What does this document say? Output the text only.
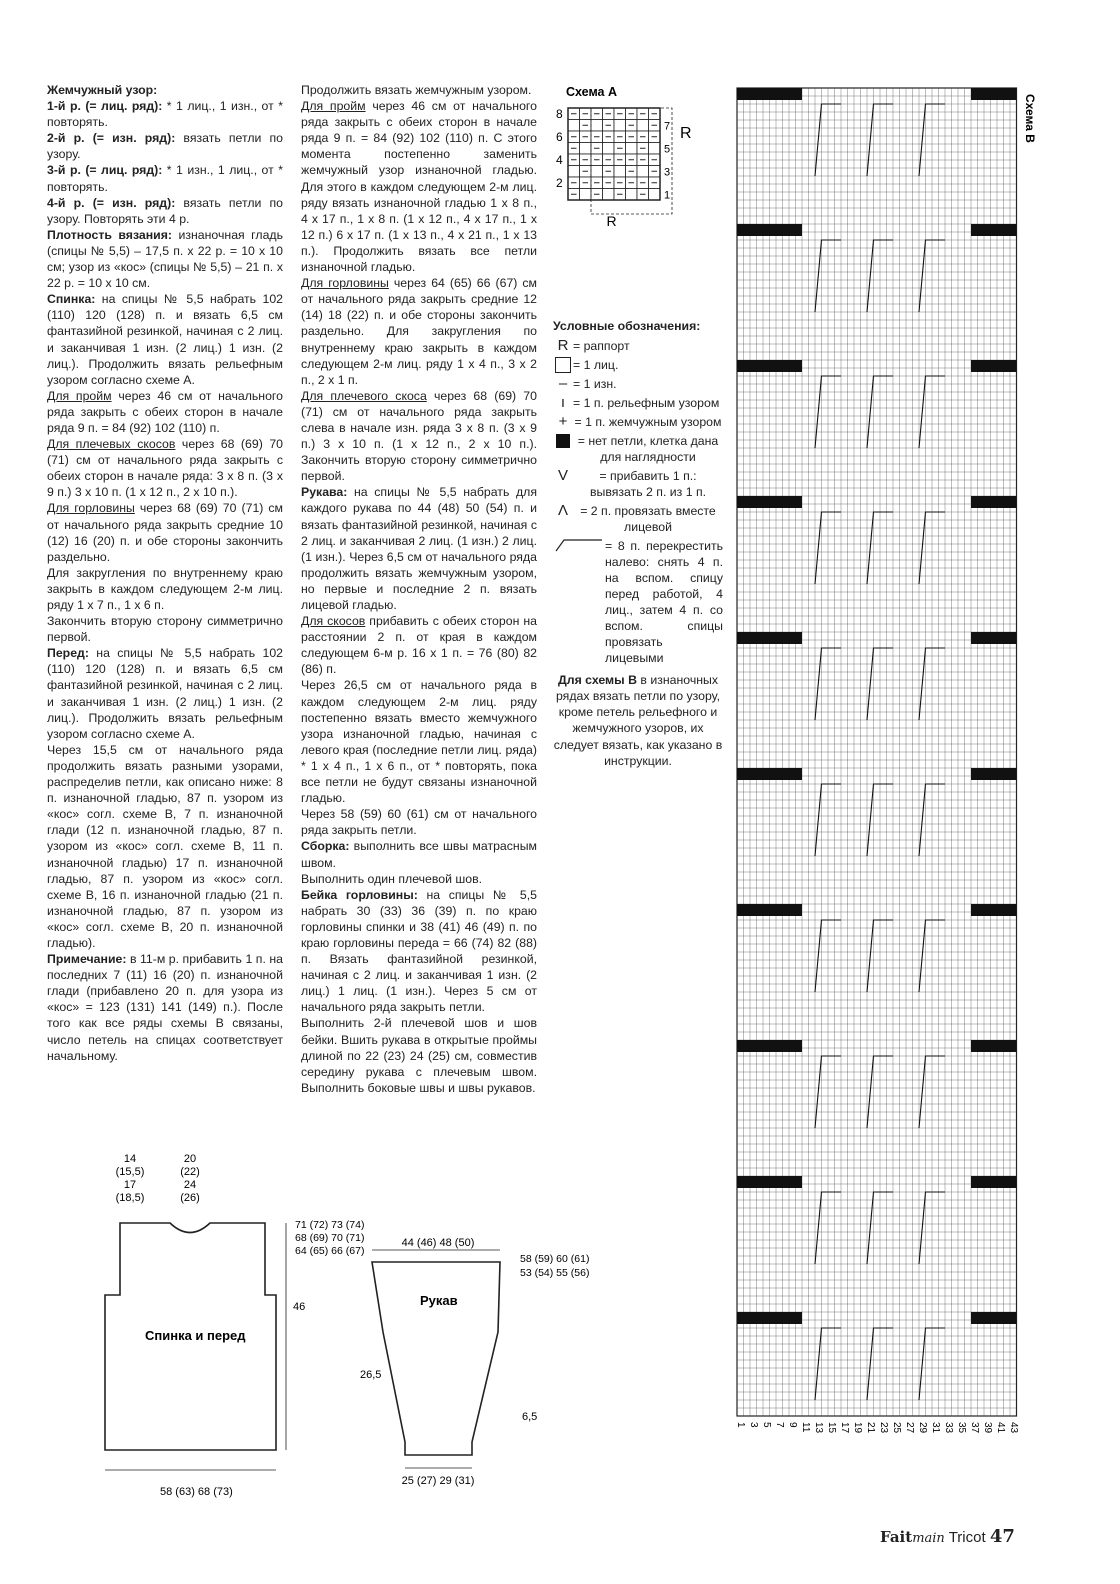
Жемчужный узор:

1-й р. (= лиц. ряд): * 1 лиц., 1 изн., от * повторять.

2-й р. (= изн. ряд): вязать петли по узору.

3-й р. (= лиц. ряд): * 1 изн., 1 лиц., от * повторять.

4-й р. (= изн. ряд): вязать петли по узору. Повторять эти 4 р.

Плотность вязания: изнаночная гладь (спицы № 5,5) – 17,5 п. х 22 р. = 10 х 10 см; узор из «кос» (спицы № 5,5) – 21 п. х 22 р. = 10 х 10 см.

Спинка: на спицы № 5,5 набрать 102 (110) 120 (128) п. и вязать 6,5 см фантазийной резинкой, начиная с 2 лиц. и заканчивая 1 изн. (2 лиц.) 1 изн. (2 лиц.). Продолжить вязать рельефным узором согласно схеме А.

Для пройм через 46 см от начального ряда закрыть с обеих сторон в начале ряда 9 п. = 84 (92) 102 (110) п.

Для плечевых скосов через 68 (69) 70 (71) см от начального ряда закрыть с обеих сторон в начале ряда: 3 х 8 п. (3 х 9 п.) 3 х 10 п. (1 х 12 п., 2 х 10 п.).

Для горловины через 68 (69) 70 (71) см от начального ряда закрыть средние 10 (12) 16 (20) п. и обе стороны закончить раздельно.

Для закругления по внутреннему краю закрыть в каждом следующем 2-м лиц. ряду 1 х 7 п., 1 х 6 п.

Закончить вторую сторону симметрично первой.

Перед: на спицы № 5,5 набрать 102 (110) 120 (128) п. и вязать 6,5 см фантазийной резинкой, начиная с 2 лиц. и заканчивая 1 изн. (2 лиц.) 1 изн. (2 лиц.). Продолжить вязать рельефным узором согласно схеме А.

Через 15,5 см от начального ряда продолжить вязать разными узорами, распределив петли, как описано ниже: 8 п. изнаночной гладью, 87 п. узором из «кос» согл. схеме В, 7 п. изнаночной глади (12 п. изнаночной гладью, 87 п. узором из «кос» согл. схеме В, 11 п. изнаночной гладью) 17 п. изнаночной гладью, 87 п. узором из «кос» согл. схеме В, 16 п. изнаночной гладью (21 п. изнаночной гладью, 87 п. узором из «кос» согл. схеме В, 20 п. изнаночной гладью).

Примечание: в 11-м р. прибавить 1 п. на последних 7 (11) 16 (20) п. изнаночной глади (прибавлено 20 п. для узора из «кос» = 123 (131) 141 (149) п.). После того как все ряды схемы В связаны, число петель на спицах соответствует начальному.

Продолжить вязать жемчужным узором.

Для пройм через 46 см от начального ряда закрыть с обеих сторон в начале ряда 9 п. = 84 (92) 102 (110) п. С этого момента постепенно заменить жемчужный узор изнаночной гладью. Для этого в каждом следующем 2-м лиц. ряду вязать изнаночной гладью 1 х 8 п., 4 х 17 п., 1 х 8 п. (1 х 12 п., 4 х 17 п., 1 х 12 п.) 6 х 17 п. (1 х 13 п., 4 х 21 п., 1 х 13 п.). Продолжить вязать все петли изнаночной гладью.

Для горловины через 64 (65) 66 (67) см от начального ряда закрыть средние 12 (14) 18 (22) п. и обе стороны закончить раздельно. Для закругления по внутреннему краю закрыть в каждом следующем 2-м лиц. ряду 1 х 4 п., 3 х 2 п., 2 х 1 п.

Для плечевого скоса через 68 (69) 70 (71) см от начального ряда закрыть слева в начале изн. ряда 3 х 8 п. (3 х 9 п.) 3 х 10 п. (1 х 12 п., 2 х 10 п.). Закончить вторую сторону симметрично первой.

Рукава: на спицы № 5,5 набрать для каждого рукава по 44 (48) 50 (54) п. и вязать фантазийной резинкой, начиная с 2 лиц. и заканчивая 2 лиц. (1 изн.) 2 лиц. (1 изн.). Через 6,5 см от начального ряда продолжить вязать жемчужным узором, но первые и последние 2 п. вязать лицевой гладью.

Для скосов прибавить с обеих сторон на расстоянии 2 п. от края в каждом следующем 6-м р. 16 х 1 п. = 76 (80) 82 (86) п.

Через 26,5 см от начального ряда в каждом следующем 2-м лиц. ряду постепенно вязать вместо жемчужного узора изнаночной гладью, начиная с левого края (последние петли лиц. ряда) * 1 х 4 п., 1 х 6 п., от * повторять, пока все петли не будут связаны изнаночной гладью.

Через 58 (59) 60 (61) см от начального ряда закрыть петли.

Сборка: выполнить все швы матрасным швом.

Выполнить один плечевой шов.

Бейка горловины: на спицы № 5,5 набрать 30 (33) 36 (39) п. по краю горловины спинки и 38 (41) 46 (49) п. по краю горловины переда = 66 (74) 82 (88) п. Вязать фантазийной резинкой, начиная с 2 лиц. и заканчивая 1 изн. (2 лиц.) 1 лиц. (1 изн.). Через 5 см от начального ряда закрыть петли.

Выполнить 2-й плечевой шов и шов бейки. Вшить рукава в открытые проймы длиной по 22 (23) 24 (25) см, совместив середину рукава с плечевым швом. Выполнить боковые швы и швы рукавов.

Схема А
8
6
4
2
7
5
3
1
R
R
Условные обозначения:
R = раппорт
= 1 лиц.
– = 1 изн.
ı = 1 п. рельефным узором
+ = 1 п. жемчужным узором
= нет петли, клетка дана для наглядности
V	= прибавить 1 п.: вывязать 2 п. из 1 п.
Λ = 2 п. провязать вместе лицевой
= 8 п. перекрестить налево: снять 4 п. на вспом. спицу перед работой, 4 лиц., затем 4 п. со вспом. спицы провязать лицевыми

Для схемы В в изнаночных рядах вязать петли по узору, кроме петель рельефного и жемчужного узоров, их следует вязать, как указано в инструкции.

1 3 5 7 9 11 13 15 17 19 21 23 25 27 29 31 33 35 37 39 41 43
Схема В
Спинка и перед
14
(15,5)
17
(18,5)
20
(22)
24
(26)
58 (63) 68 (73)
46
71 (72) 73 (74)
68 (69) 70 (71)
64 (65) 66 (67)
Рукав
44 (46) 48 (50)
58 (59) 60 (61)
53 (54) 55 (56)
26,5
6,5
25 (27) 29 (31)
Faitmain Tricot 47
